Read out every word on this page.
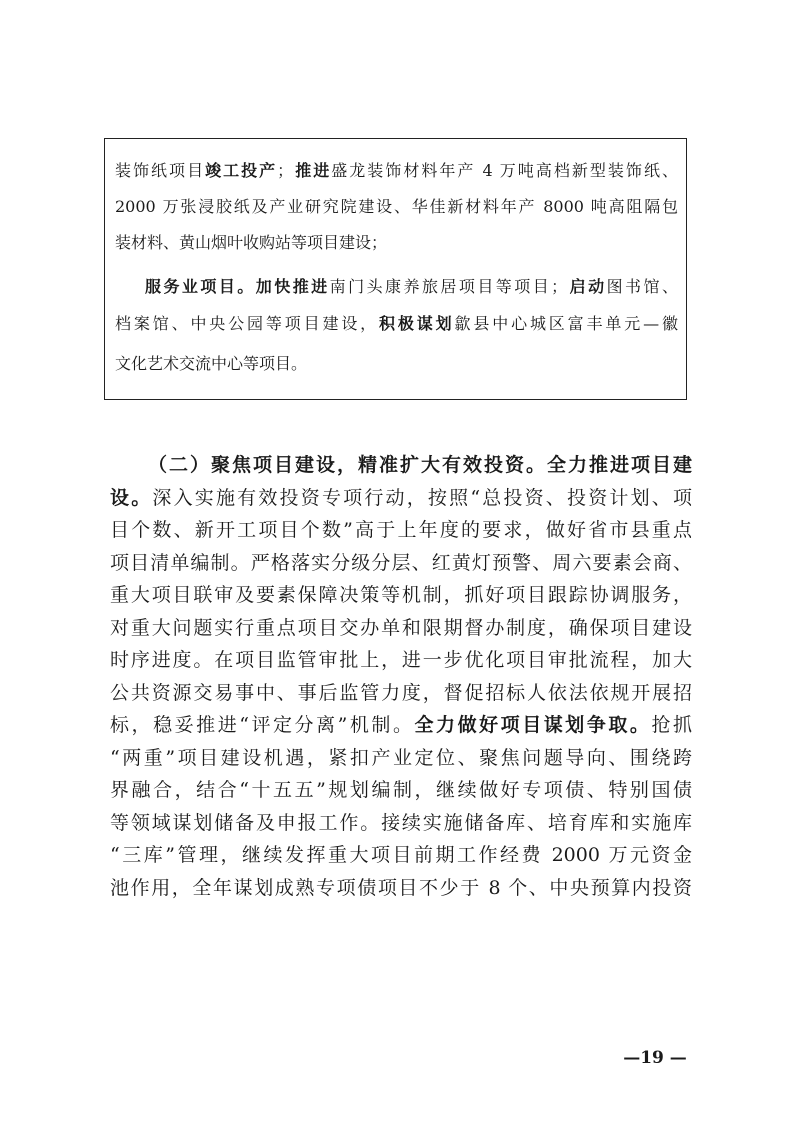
装饰纸项目竣工投产；推进盛龙装饰材料年产 4 万吨高档新型装饰纸、
2000 万张浸胶纸及产业研究院建设、华佳新材料年产 8000 吨高阻隔包
装材料、黄山烟叶收购站等项目建设；
服务业项目。加快推进南门头康养旅居项目等项目；启动图书馆、
档案馆、中央公园等项目建设，积极谋划歙县中心城区富丰单元—徽
文化艺术交流中心等项目。
（二）聚焦项目建设，精准扩大有效投资。全力推进项目建
设。深入实施有效投资专项行动，按照“总投资、投资计划、项
目个数、新开工项目个数”高于上年度的要求，做好省市县重点
项目清单编制。严格落实分级分层、红黄灯预警、周六要素会商、
重大项目联审及要素保障决策等机制，抓好项目跟踪协调服务，
对重大问题实行重点项目交办单和限期督办制度，确保项目建设
时序进度。在项目监管审批上，进一步优化项目审批流程，加大
公共资源交易事中、事后监管力度，督促招标人依法依规开展招
标，稳妥推进“评定分离”机制。全力做好项目谋划争取。抢抓
“两重”项目建设机遇，紧扣产业定位、聚焦问题导向、围绕跨
界融合，结合“十五五”规划编制，继续做好专项债、特别国债
等领域谋划储备及申报工作。接续实施储备库、培育库和实施库
“三库”管理，继续发挥重大项目前期工作经费 2000 万元资金
池作用，全年谋划成熟专项债项目不少于 8 个、中央预算内投资
—19 —
